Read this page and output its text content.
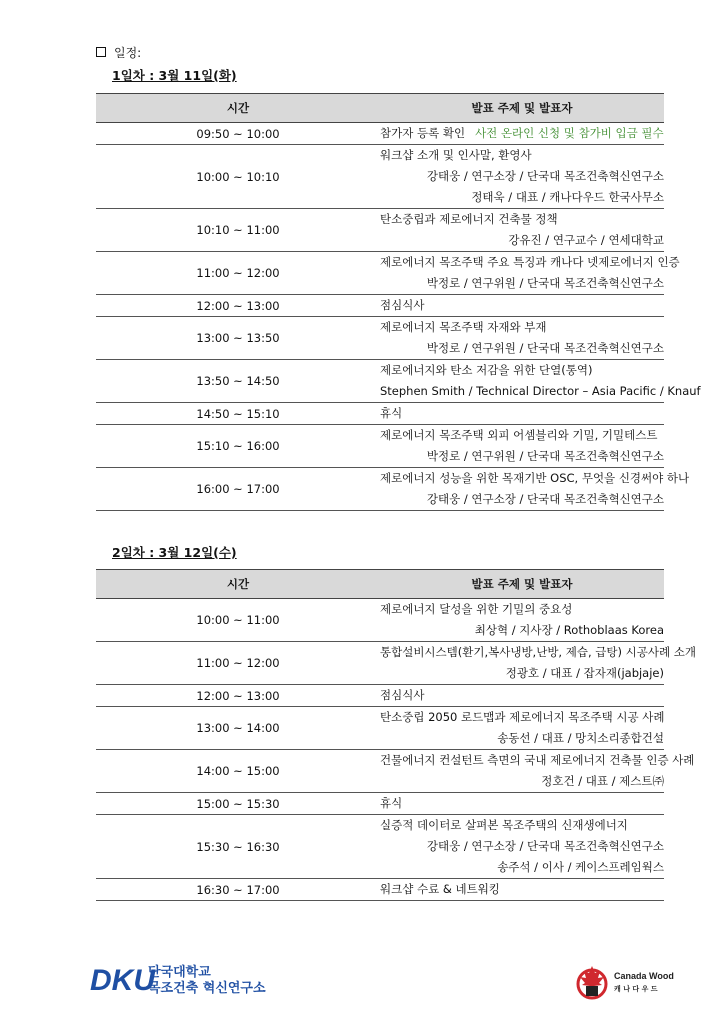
일정:
1일차 : 3월 11일(화)
시간	발표 주제 및 발표자
09:50 ~ 10:00	참가자 등록 확인 사전 온라인 신청 및 참가비 입금 필수

10:00 ~ 10:10	워크샵 소개 및 인사말, 환영사
강태웅 / 연구소장 / 단국대 목조건축혁신연구소
정태욱 / 대표 / 캐나다우드 한국사무소

10:10 ~ 11:00	탄소중립과 제로에너지 건축물 정책
강유진 / 연구교수 / 연세대학교

11:00 ~ 12:00	제로에너지 목조주택 주요 특징과 캐나다 넷제로에너지 인증
박정로 / 연구위원 / 단국대 목조건축혁신연구소

12:00 ~ 13:00	점심식사

13:00 ~ 13:50	제로에너지 목조주택 자재와 부재
박정로 / 연구위원 / 단국대 목조건축혁신연구소

13:50 ~ 14:50	제로에너지와 탄소 저감을 위한 단열(통역)
Stephen Smith / Technical Director – Asia Pacific / Knauf

14:50 ~ 15:10	휴식

15:10 ~ 16:00	제로에너지 목조주택 외피 어셈블리와 기밀, 기밀테스트
박정로 / 연구위원 / 단국대 목조건축혁신연구소

16:00 ~ 17:00	제로에너지 성능을 위한 목재기반 OSC, 무엇을 신경써야 하나
강태웅 / 연구소장 / 단국대 목조건축혁신연구소
2일차 : 3월 12일(수)
시간	발표 주제 및 발표자
10:00 ~ 11:00	제로에너지 달성을 위한 기밀의 중요성
최상혁 / 지사장 / Rothoblaas Korea

11:00 ~ 12:00	통합설비시스템(환기,복사냉방,난방, 제습, 급탕) 시공사례 소개
정광호 / 대표 / 잡자재(jabjaje)

12:00 ~ 13:00	점심식사

13:00 ~ 14:00	탄소중립 2050 로드맵과 제로에너지 목조주택 시공 사례
송동선 / 대표 / 망치소리종합건설

14:00 ~ 15:00	건물에너지 컨설턴트 측면의 국내 제로에너지 건축물 인증 사례
정호건 / 대표 / 제스트㈜

15:00 ~ 15:30	휴식

15:30 ~ 16:30	실증적 데이터로 살펴본 목조주택의 신재생에너지
강태웅 / 연구소장 / 단국대 목조건축혁신연구소
송주석 / 이사 / 케이스프레임웍스

16:30 ~ 17:00	워크샵 수료 & 네트워킹
DKU
단국대학교
목조건축 혁신연구소
Canada Wood
캐 나 다 우 드
